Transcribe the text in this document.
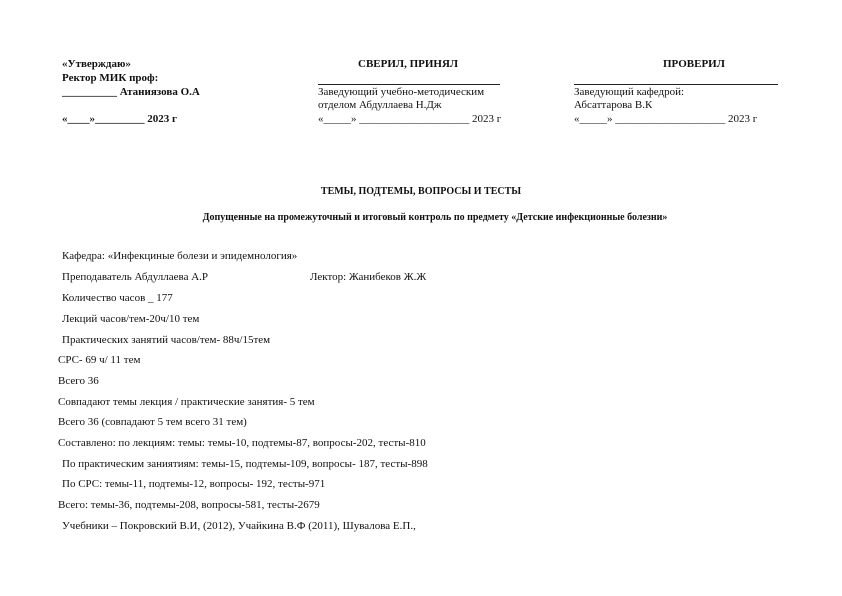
«Утверждаю»
Ректор МИК проф:
__________ Атаниязова О.А
«____»_________ 2023 г
СВЕРИЛ, ПРИНЯЛ
Заведующий учебно-методическим
отделом Абдуллаева Н.Дж
«_____» ____________________ 2023 г
ПРОВЕРИЛ
Заведующий кафедрой:
Абсаттарова В.К
«_____» ____________________ 2023 г
ТЕМЫ, ПОДТЕМЫ, ВОПРОСЫ И ТЕСТЫ
Допущенные на промежуточный и итоговый контроль по предмету «Детские инфекционные болезни»
Кафедра: «Инфекциные болези и эпидемнология»
Преподаватель Абдуллаева А.Р	Лектор: Жанибеков Ж.Ж
Количество часов _ 177
Лекций часов/тем-20ч/10 тем
Практических занятий часов/тем- 88ч/15тем
СРС- 69 ч/ 11 тем
Всего 36
Совпадают темы лекция / практические занятия- 5 тем
Всего 36 (совпадают 5 тем всего 31 тем)
Составлено: по лекциям: темы: темы-10, подтемы-87, вопросы-202, тесты-810
По практическим заниятиям: темы-15, подтемы-109, вопросы- 187, тесты-898
По СРС: темы-11, подтемы-12, вопросы- 192, тесты-971
Всего: темы-36, подтемы-208, вопросы-581, тесты-2679
Учебники – Покровский В.И, (2012), Учайкина В.Ф (2011), Шувалова Е.П.,
